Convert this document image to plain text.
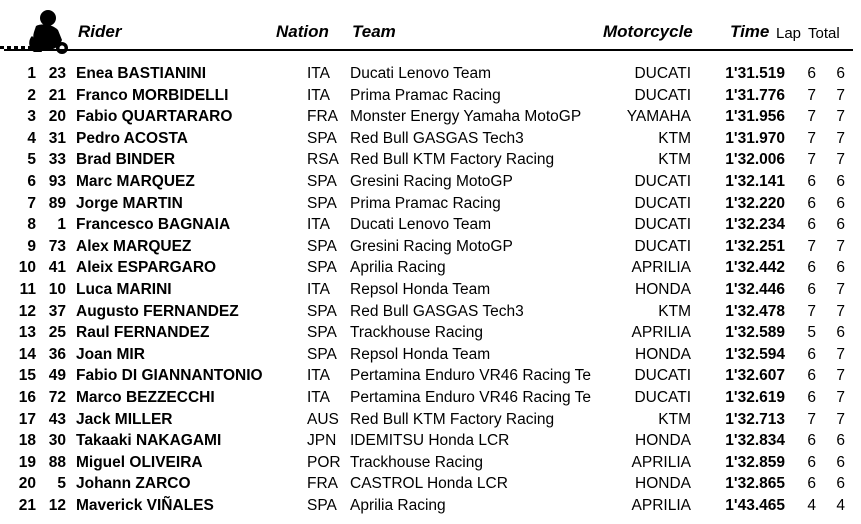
Rider	Nation Team	Motorcycle Time Lap Total
1 23 Enea BASTIANINI	ITA Ducati Lenovo Team	DUCATI 1'31.519 6 6
2 21 Franco MORBIDELLI	ITA Prima Pramac Racing	DUCATI 1'31.776 7 7
3 20 Fabio QUARTARARO	FRA Monster Energy Yamaha MotoGP	YAMAHA 1'31.956 7 7
4 31 Pedro ACOSTA	SPA Red Bull GASGAS Tech3	KTM 1'31.970 7 7
5 33 Brad BINDER	RSA Red Bull KTM Factory Racing	KTM 1'32.006 7 7
6 93 Marc MARQUEZ	SPA Gresini Racing MotoGP	DUCATI 1'32.141 6 6
7 89 Jorge MARTIN	SPA Prima Pramac Racing	DUCATI 1'32.220 6 6
8 1 Francesco BAGNAIA	ITA Ducati Lenovo Team	DUCATI 1'32.234 6 6
9 73 Alex MARQUEZ	SPA Gresini Racing MotoGP	DUCATI 1'32.251 7 7
10 41 Aleix ESPARGARO	SPA Aprilia Racing	APRILIA 1'32.442 6 6
11 10 Luca MARINI	ITA Repsol Honda Team	HONDA 1'32.446 6 7
12 37 Augusto FERNANDEZ	SPA Red Bull GASGAS Tech3	KTM 1'32.478 7 7
13 25 Raul FERNANDEZ	SPA Trackhouse Racing	APRILIA 1'32.589 5 6
14 36 Joan MIR	SPA Repsol Honda Team	HONDA 1'32.594 6 7
15 49 Fabio DI GIANNANTONIO	ITA Pertamina Enduro VR46 Racing Te	DUCATI 1'32.607 6 7
16 72 Marco BEZZECCHI	ITA Pertamina Enduro VR46 Racing Te	DUCATI 1'32.619 6 7
17 43 Jack MILLER	AUS Red Bull KTM Factory Racing	KTM 1'32.713 7 7
18 30 Takaaki NAKAGAMI	JPN IDEMITSU Honda LCR	HONDA 1'32.834 6 6
19 88 Miguel OLIVEIRA	POR Trackhouse Racing	APRILIA 1'32.859 6 6
20 5 Johann ZARCO	FRA CASTROL Honda LCR	HONDA 1'32.865 6 6
21 12 Maverick VIÑALES	SPA Aprilia Racing	APRILIA 1'43.465 4 4
